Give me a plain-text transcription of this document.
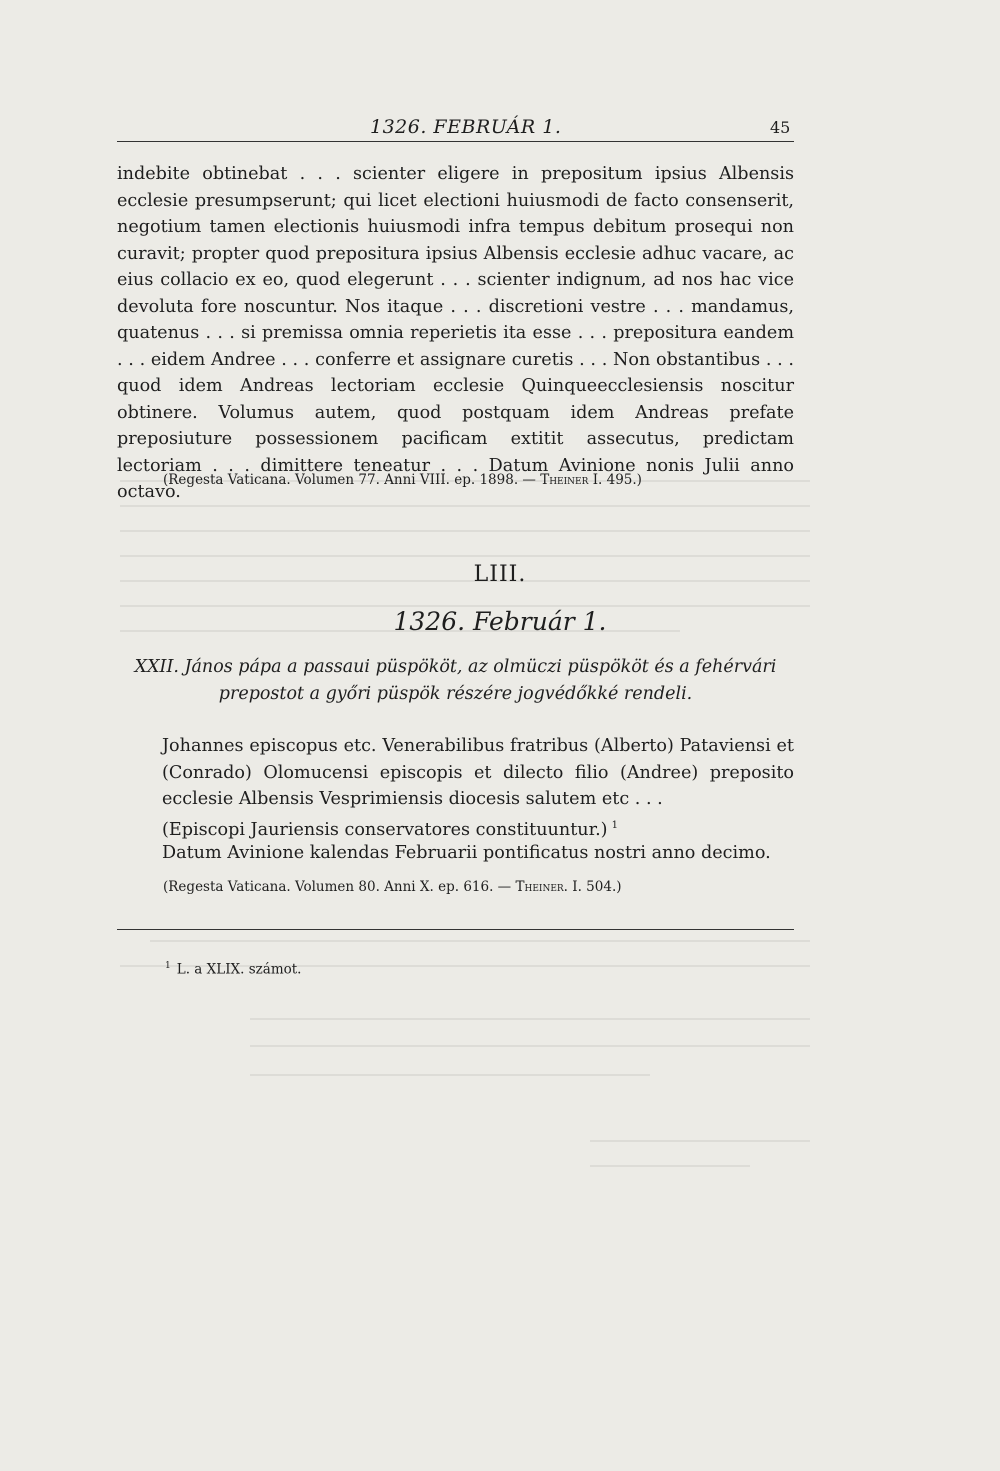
1326. FEBRUÁR 1.	45
indebite obtinebat . . . scienter eligere in prepositum ipsius Albensis ecclesie presumpserunt; qui licet electioni huiusmodi de facto consenserit, negotium tamen electionis huiusmodi infra tempus debitum prosequi non curavit; propter quod prepositura ipsius Albensis ecclesie adhuc vacare, ac eius collacio ex eo, quod elegerunt . . . scienter indignum, ad nos hac vice devoluta fore noscuntur. Nos itaque . . . discretioni vestre . . . mandamus, quatenus . . . si premissa omnia reperietis ita esse . . . prepositura eandem . . . eidem Andree . . . conferre et assignare curetis . . . Non obstantibus . . . quod idem Andreas lectoriam ecclesie Quinqueecclesiensis noscitur obtinere. Volumus autem, quod postquam idem Andreas prefate preposiuture possessionem pacificam extitit assecutus, predictam lectoriam . . . dimittere teneatur . . . Datum Avinione nonis Julii anno octavo.
(Regesta Vaticana. Volumen 77. Anni VIII. ep. 1898. — Theiner I. 495.)
LIII.
1326. Február 1.
XXII. János pápa a passaui püspököt, az olmüczi püspököt és a fehérvári prepostot a győri püspök részére jogvédőkké rendeli.
Johannes episcopus etc. Venerabilibus fratribus (Alberto) Pataviensi et (Conrado) Olomucensi episcopis et dilecto filio (Andree) preposito ecclesie Albensis Vesprimiensis diocesis salutem etc . . .
(Episcopi Jauriensis conservatores constituuntur.) $^1$
Datum Avinione kalendas Februarii pontificatus nostri anno decimo.
(Regesta Vaticana. Volumen 80. Anni X. ep. 616. — Theiner. I. 504.)
$^1$ L. a XLIX. számot.
